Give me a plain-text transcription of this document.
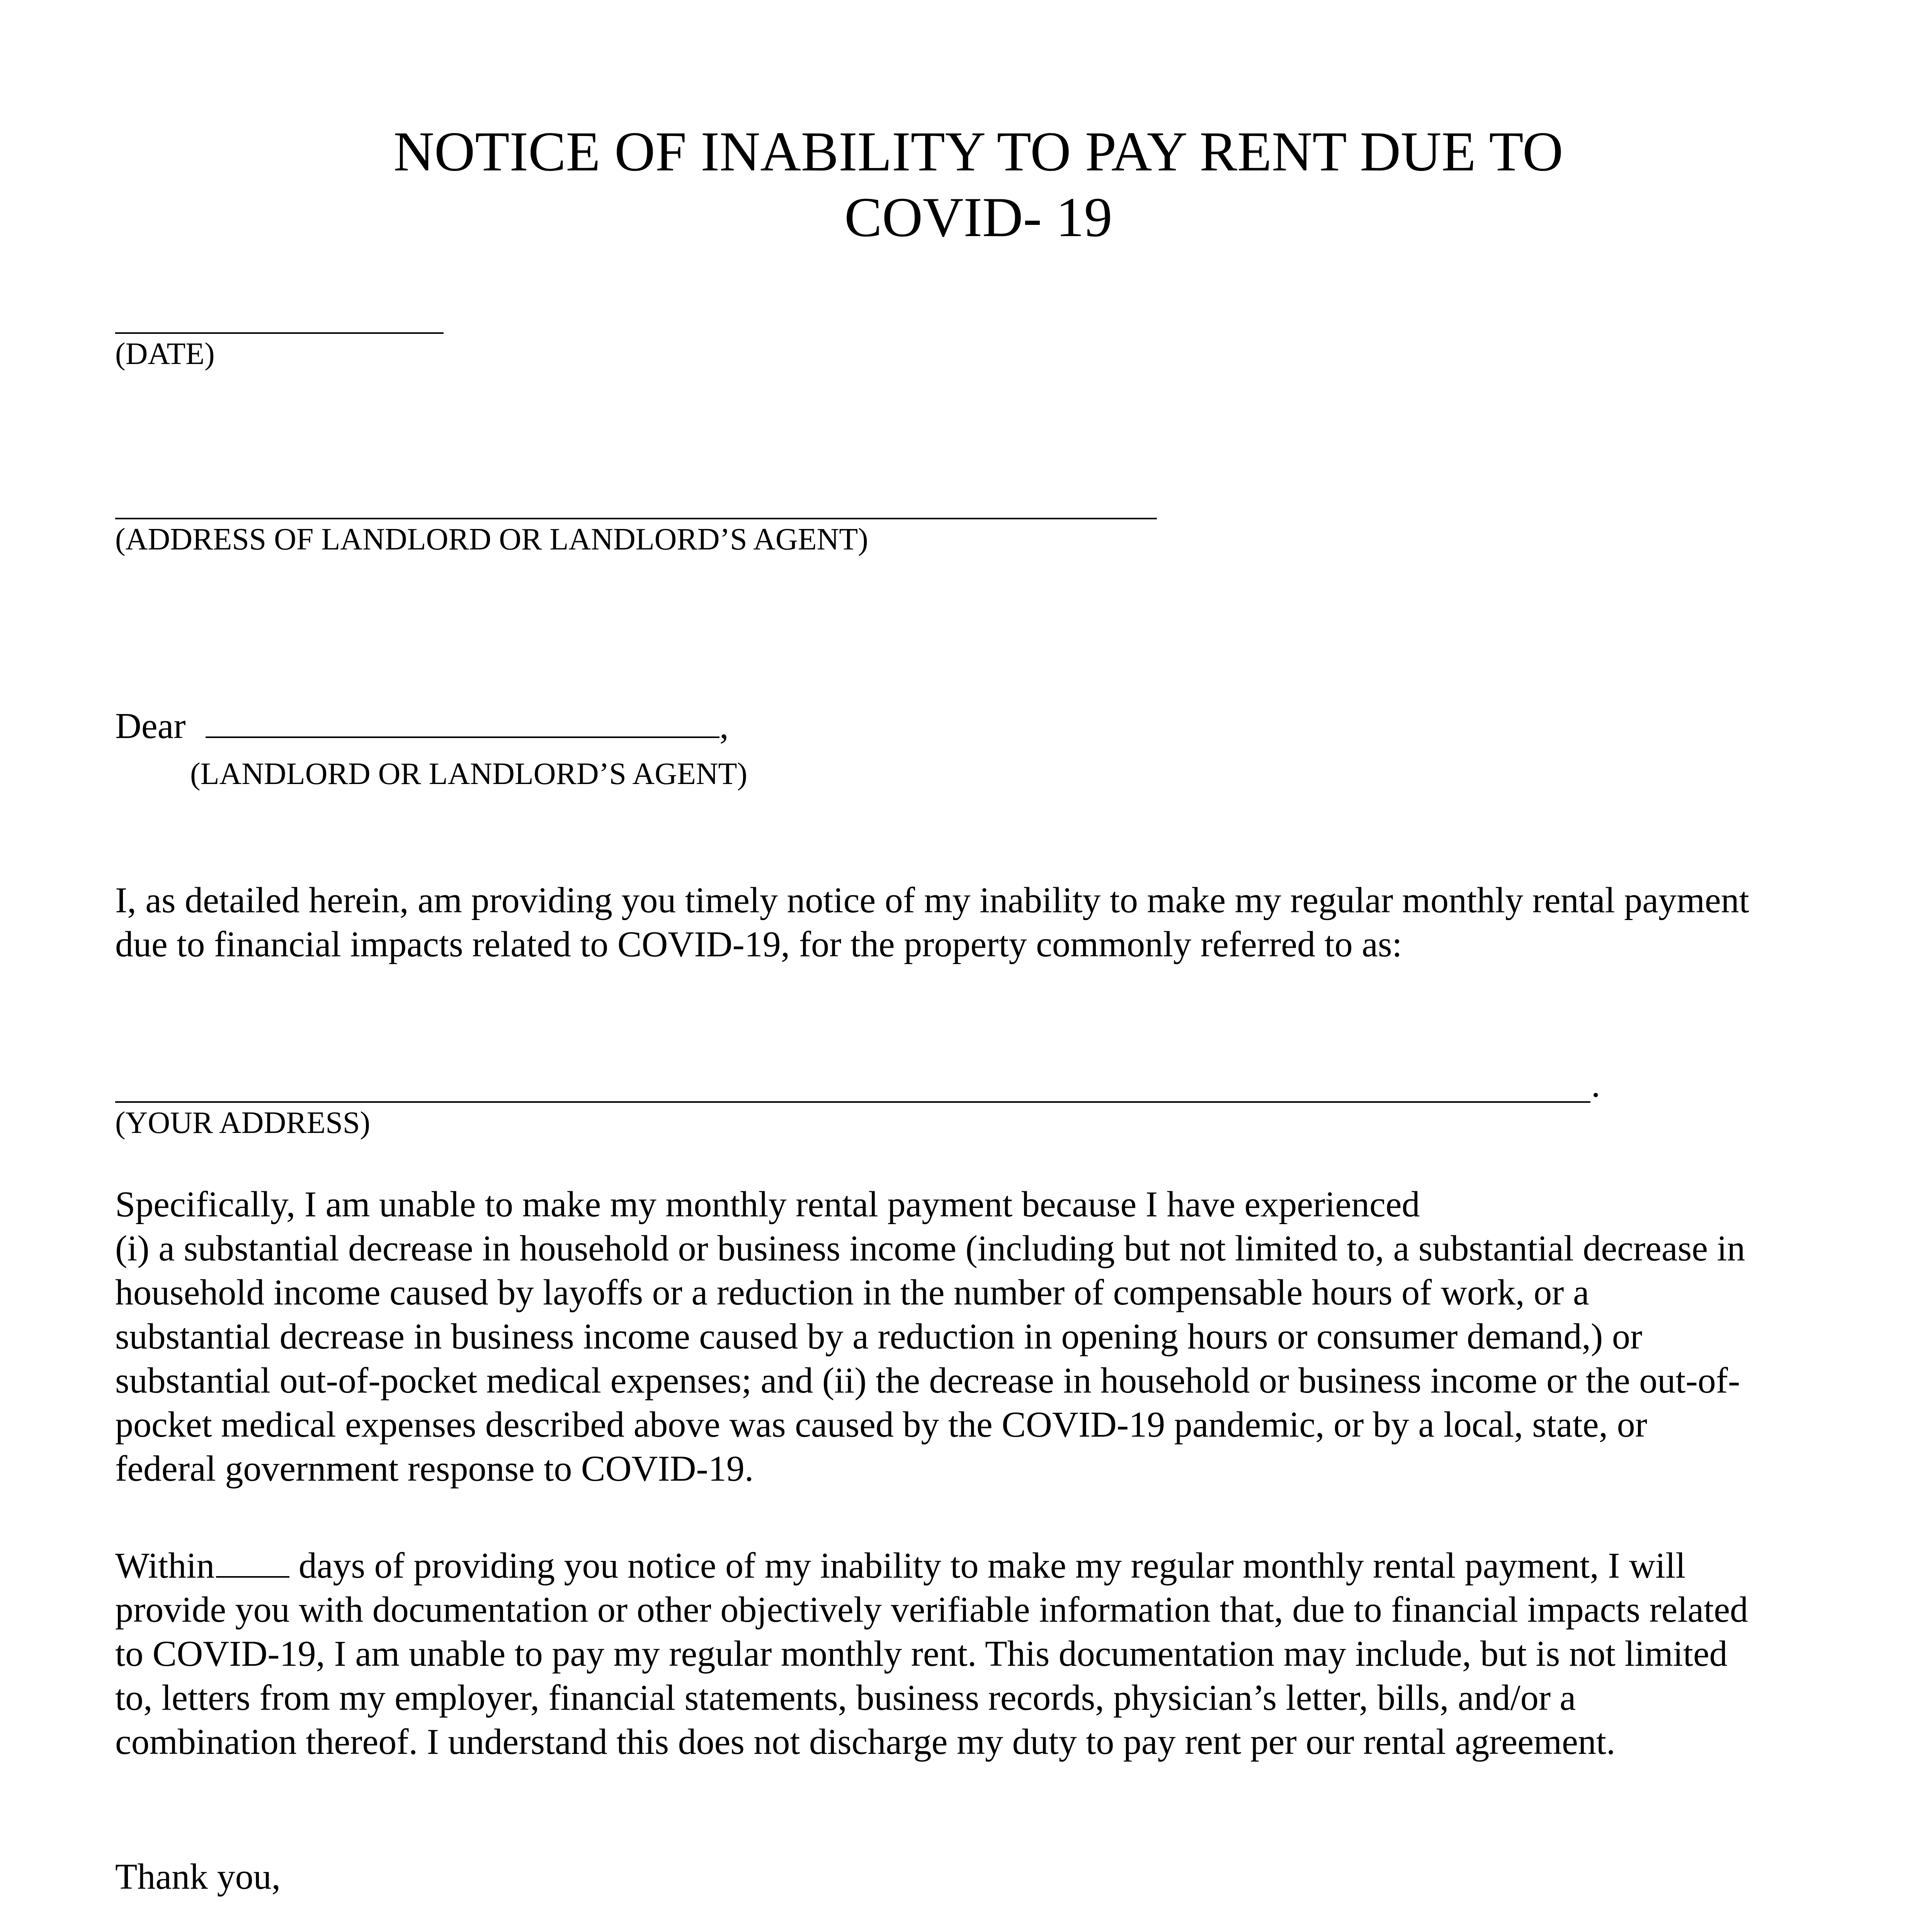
NOTICE OF INABILITY TO PAY RENT DUE TO
COVID- 19
(DATE)
(ADDRESS OF LANDLORD OR LANDLORD’S AGENT)
Dear	,
(LANDLORD OR LANDLORD’S AGENT)
I, as detailed herein, am providing you timely notice of my inability to make my regular monthly rental payment
due to financial impacts related to COVID-19, for the property commonly referred to as:
.
(YOUR ADDRESS)
Specifically, I am unable to make my monthly rental payment because I have experienced
(i) a substantial decrease in household or business income (including but not limited to, a substantial decrease in
household income caused by layoffs or a reduction in the number of compensable hours of work, or a
substantial decrease in business income caused by a reduction in opening hours or consumer demand,) or
substantial out-of-pocket medical expenses; and (ii) the decrease in household or business income or the out-of-
pocket medical expenses described above was caused by the COVID-19 pandemic, or by a local, state, or
federal government response to COVID-19.
Within days of providing you notice of my inability to make my regular monthly rental payment, I will
provide you with documentation or other objectively verifiable information that, due to financial impacts related
to COVID-19, I am unable to pay my regular monthly rent. This documentation may include, but is not limited
to, letters from my employer, financial statements, business records, physician’s letter, bills, and/or a
combination thereof. I understand this does not discharge my duty to pay rent per our rental agreement.
Thank you,
